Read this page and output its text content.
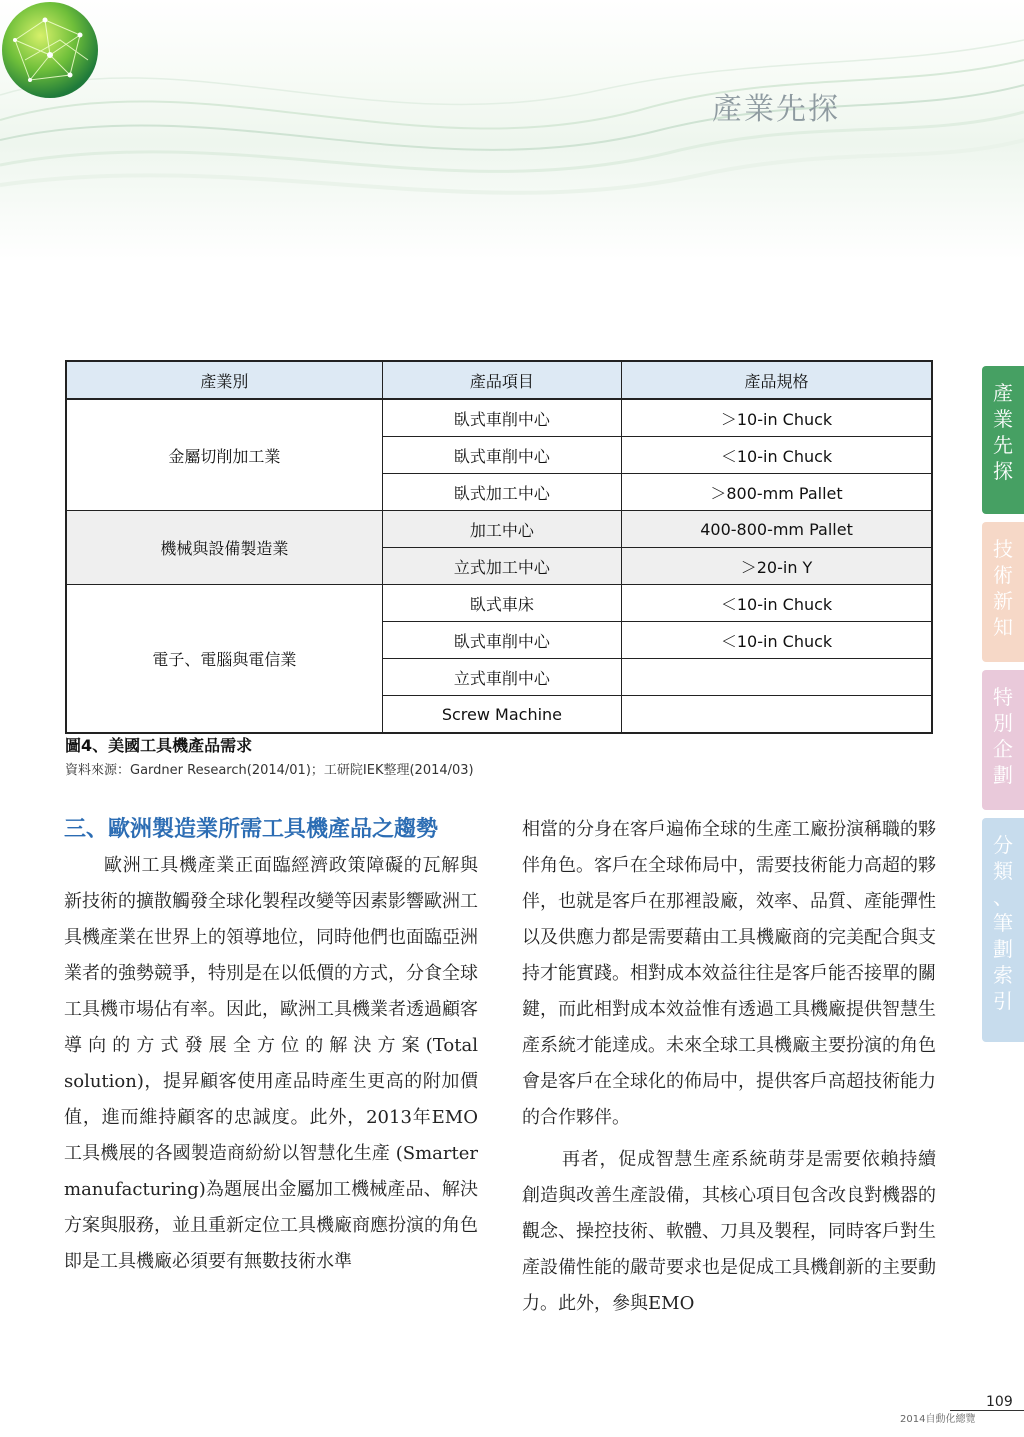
產業先探
產
業
先
探
技
術
新
知
特
別
企
劃
分
類
、
筆
劃
索
引
產業別	產品項目	產品規格
金屬切削加工業	臥式車削中心	＞10-in Chuck
	臥式車削中心	＜10-in Chuck
	臥式加工中心	＞800-mm Pallet
機械與設備製造業	加工中心	400-800-mm Pallet
	立式加工中心	＞20-in Y
電子、電腦與電信業	臥式車床	＜10-in Chuck
	臥式車削中心	＜10-in Chuck
	立式車削中心	
	Screw Machine	
圖4、美國工具機產品需求
資料來源：Gardner Research(2014/01)；工研院IEK整理(2014/03)
三、歐洲製造業所需工具機產品之趨勢

歐洲工具機產業正面臨經濟政策障礙的瓦解與新技術的擴散觸發全球化製程改變等因素影響歐洲工具機產業在世界上的領導地位，同時他們也面臨亞洲業者的強勢競爭，特別是在以低價的方式，分食全球工具機市場佔有率。因此，歐洲工具機業者透過顧客導向的方式發展全方位的解決方案(Total solution)，提昇顧客使用產品時產生更高的附加價值，進而維持顧客的忠誠度。此外，2013年EMO工具機展的各國製造商紛紛以智慧化生產 (Smarter manufacturing)為題展出金屬加工機械產品、解決方案與服務，並且重新定位工具機廠商應扮演的角色即是工具機廠必須要有無數技術水準

相當的分身在客戶遍佈全球的生產工廠扮演稱職的夥伴角色。客戶在全球佈局中，需要技術能力高超的夥伴，也就是客戶在那裡設廠，效率、品質、產能彈性以及供應力都是需要藉由工具機廠商的完美配合與支持才能實踐。相對成本效益往往是客戶能否接單的關鍵，而此相對成本效益惟有透過工具機廠提供智慧生產系統才能達成。未來全球工具機廠主要扮演的角色會是客戶在全球化的佈局中，提供客戶高超技術能力的合作夥伴。

再者，促成智慧生產系統萌芽是需要依賴持續創造與改善生產設備，其核心項目包含改良對機器的觀念、操控技術、軟體、刀具及製程，同時客戶對生產設備性能的嚴苛要求也是促成工具機創新的主要動力。此外，參與EMO

109
2014自動化總覽
